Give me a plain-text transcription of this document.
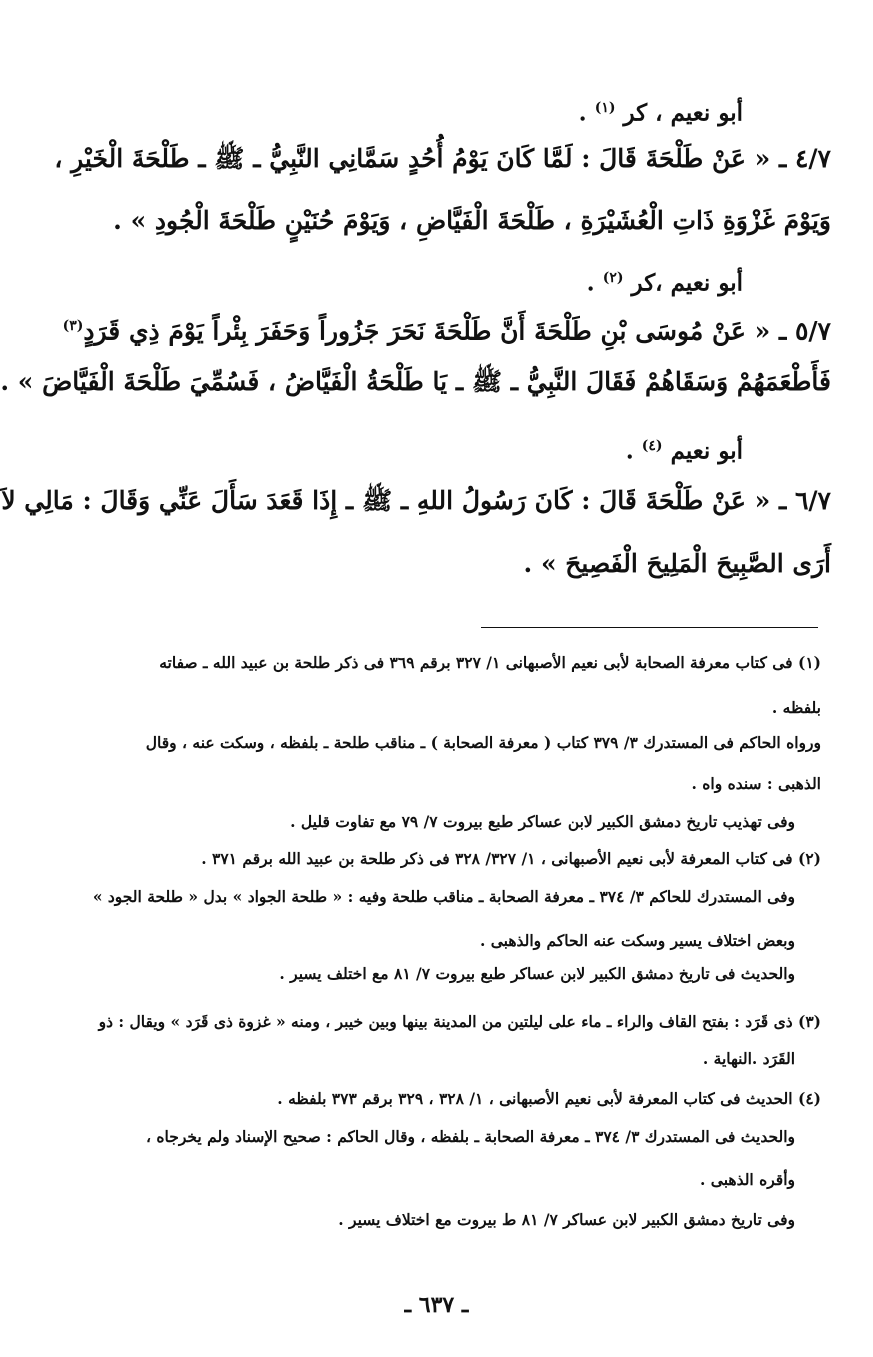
أبو نعيم ، كر $^{(١)}$ .
٤/٧ ـ « عَنْ طَلْحَةَ قَالَ : لَمَّا كَانَ يَوْمُ أُحُدٍ سَمَّانِي النَّبِيُّ ـ ﷺ ـ طَلْحَةَ الْخَيْرِ ،
وَيَوْمَ غَزْوَةِ ذَاتِ الْعُشَيْرَةِ ، طَلْحَةَ الْفَيَّاضِ ، وَيَوْمَ حُنَيْنٍ طَلْحَةَ الْجُودِ » .
أبو نعيم ،كر $^{(٢)}$ .
٥/٧ ـ « عَنْ مُوسَى بْنِ طَلْحَةَ أَنَّ طَلْحَةَ نَحَرَ جَزُوراً وَحَفَرَ بِئْراً يَوْمَ ذِي قَرَدٍ$^{(٣)}$
فَأَطْعَمَهُمْ وَسَقَاهُمْ فَقَالَ النَّبِيُّ ـ ﷺ ـ يَا طَلْحَةُ الْفَيَّاضُ ، فَسُمِّيَ طَلْحَةَ الْفَيَّاضَ » .
أبو نعيم $^{(٤)}$ .
٦/٧ ـ « عَنْ طَلْحَةَ قَالَ : كَانَ رَسُولُ اللهِ ـ ﷺ ـ إِذَا قَعَدَ سَأَلَ عَنِّي وَقَالَ : مَالِي لاَ
أَرَى الصَّبِيحَ الْمَلِيحَ الْفَصِيحَ » .
(١) فى كتاب معرفة الصحابة لأبى نعيم الأصبهانى ١/ ٣٢٧ برقم ٣٦٩ فى ذكر طلحة بن عبيد الله ـ صفاته
بلفظه .
ورواه الحاكم فى المستدرك ٣/ ٣٧٩ كتاب ( معرفة الصحابة ) ـ مناقب طلحة ـ بلفظه ، وسكت عنه ، وقال
الذهبى : سنده واه .
وفى تهذيب تاريخ دمشق الكبير لابن عساكر طبع بيروت ٧/ ٧٩ مع تفاوت قليل .
(٢) فى كتاب المعرفة لأبى نعيم الأصبهانى ، ١/ ٣٢٧/ ٣٢٨ فى ذكر طلحة بن عبيد الله برقم ٣٧١ .
وفى المستدرك للحاكم ٣/ ٣٧٤ ـ معرفة الصحابة ـ مناقب طلحة وفيه : « طلحة الجواد » بدل « طلحة الجود »
وبعض اختلاف يسير وسكت عنه الحاكم والذهبى .
والحديث فى تاريخ دمشق الكبير لابن عساكر طبع بيروت ٧/ ٨١ مع اختلف يسير .
(٣) ذى قَرَد : بفتح القاف والراء ـ ماء على ليلتين من المدينة بينها وبين خيبر ، ومنه « غزوة ذى قَرَد » ويقال : ذو
القَرَد .النهاية .
(٤) الحديث فى كتاب المعرفة لأبى نعيم الأصبهانى ، ١/ ٣٢٨ ، ٣٢٩ برقم ٣٧٣ بلفظه .
والحديث فى المستدرك ٣/ ٣٧٤ ـ معرفة الصحابة ـ بلفظه ، وقال الحاكم : صحيح الإسناد ولم يخرجاه ،
وأقره الذهبى .
وفى تاريخ دمشق الكبير لابن عساكر ٧/ ٨١ ط بيروت مع اختلاف يسير .
ـ ٦٣٧ ـ
